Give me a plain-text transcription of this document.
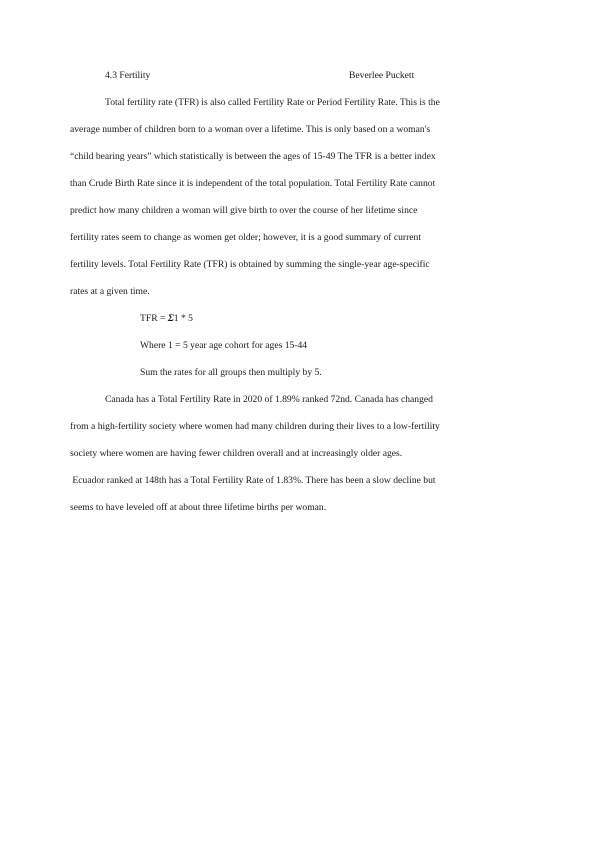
4.3 Fertility	Beverlee Puckett
Total fertility rate (TFR) is also called Fertility Rate or Period Fertility Rate. This is the
average number of children born to a woman over a lifetime. This is only based on a woman's
“child bearing years” which statistically is between the ages of 15-49 The TFR is a better index
than Crude Birth Rate since it is independent of the total population. Total Fertility Rate cannot
predict how many children a woman will give birth to over the course of her lifetime since
fertility rates seem to change as women get older; however, it is a good summary of current
fertility levels. Total Fertility Rate (TFR) is obtained by summing the single-year age-specific
rates at a given time.
TFR = Σ1 * 5
Where 1 = 5 year age cohort for ages 15-44
Sum the rates for all groups then multiply by 5.
Canada has a Total Fertility Rate in 2020 of 1.89% ranked 72nd. Canada has changed
from a high-fertility society where women had many children during their lives to a low-fertility
society where women are having fewer children overall and at increasingly older ages.
Ecuador ranked at 148th has a Total Fertility Rate of 1.83%. There has been a slow decline but
seems to have leveled off at about three lifetime births per woman.
